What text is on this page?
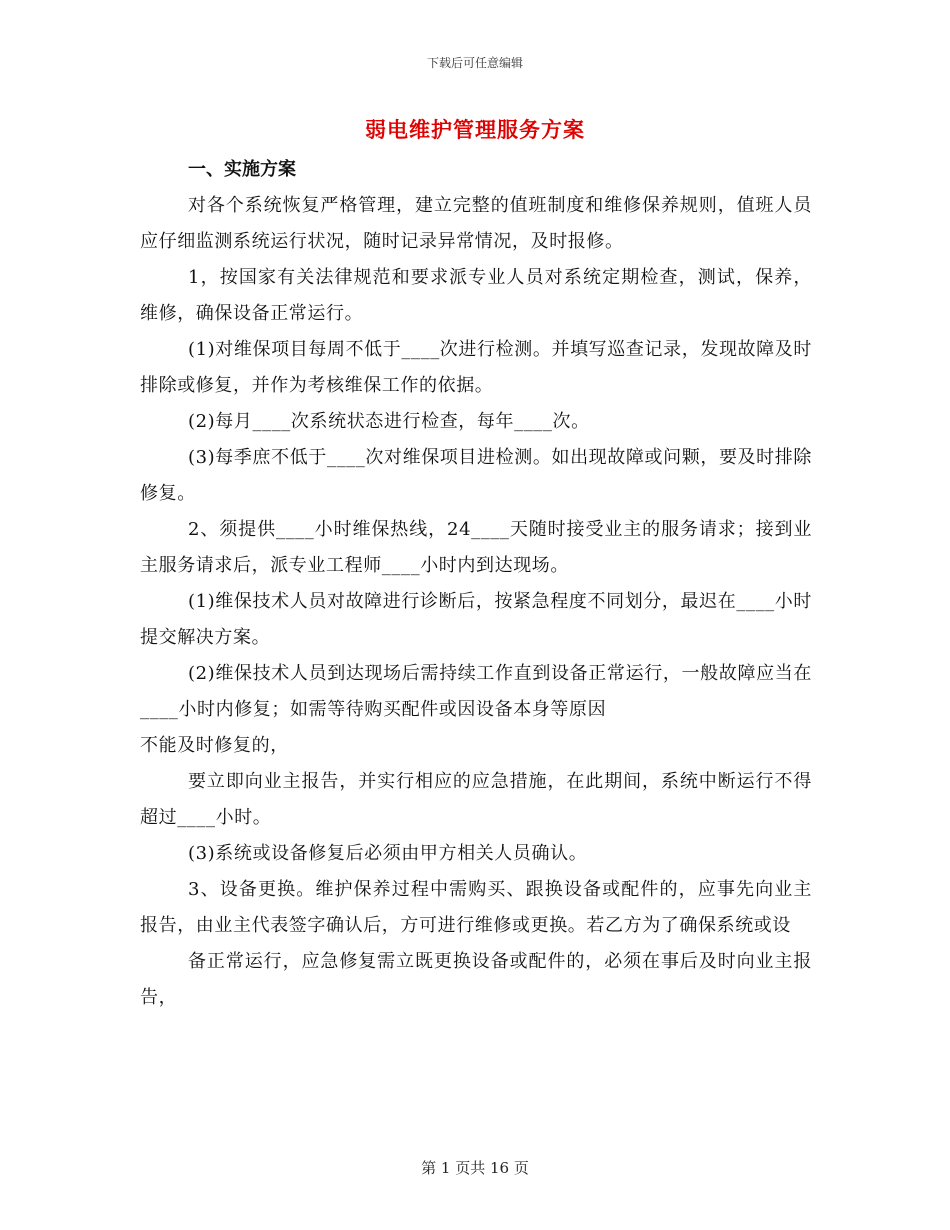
下载后可任意编辑
弱电维护管理服务方案

一、实施方案

对各个系统恢复严格管理，建立完整的值班制度和维修保养规则，值班人员应仔细监测系统运行状况，随时记录异常情况，及时报修。

1，按国家有关法律规范和要求派专业人员对系统定期检查，测试，保养，维修，确保设备正常运行。

(1)对维保项目每周不低于____次进行检测。并填写巡查记录，发现故障及时排除或修复，并作为考核维保工作的依据。

(2)每月____次系统状态进行检查，每年____次。

(3)每季庶不低于____次对维保项目进检测。如出现故障或问颗，要及时排除修复。

2、须提供____小时维保热线，24____天随时接受业主的服务请求；接到业主服务请求后，派专业工程师____小时内到达现场。

(1)维保技术人员对故障进行诊断后，按紧急程度不同划分，最迟在____小时提交解决方案。

(2)维保技术人员到达现场后需持续工作直到设备正常运行，一般故障应当在____小时内修复；如需等待购买配件或因设备本身等原因

不能及时修复的，

要立即向业主报告，并实行相应的应急措施，在此期间，系统中断运行不得超过____小时。

(3)系统或设备修复后必须由甲方相关人员确认。

3、设备更换。维护保养过程中需购买、跟换设备或配件的，应事先向业主报告，由业主代表签字确认后，方可进行维修或更换。若乙方为了确保系统或设

备正常运行，应急修复需立既更换设备或配件的，必须在事后及时向业主报告，

第 1 页共 16 页
